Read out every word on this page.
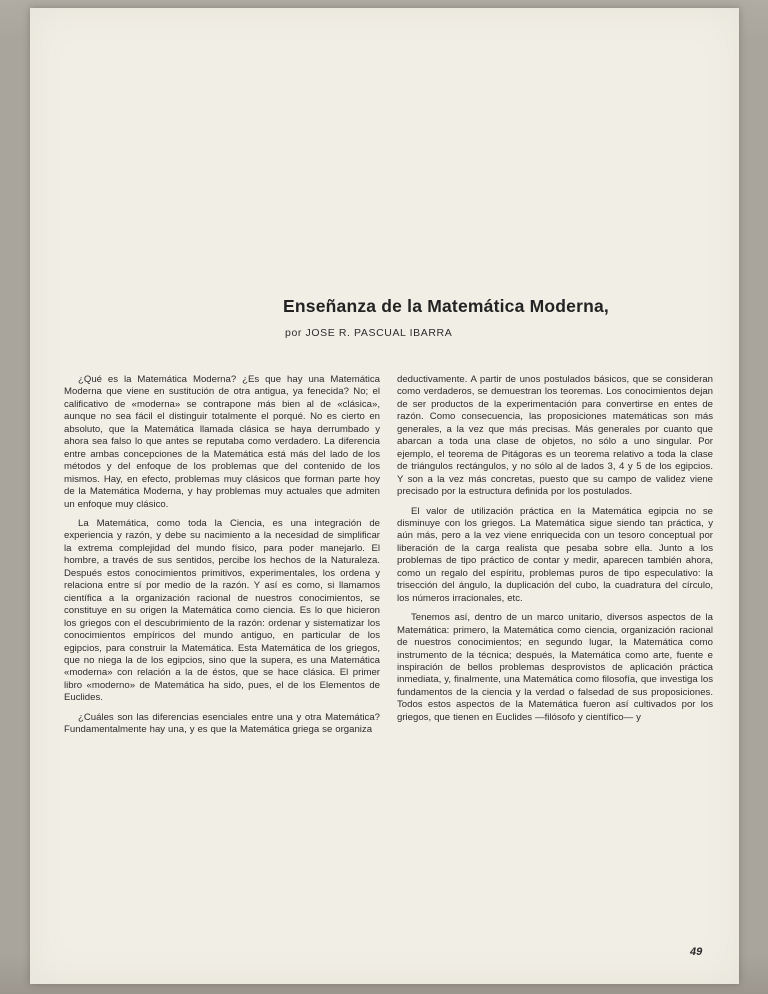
Enseñanza de la Matemática Moderna,
por JOSE R. PASCUAL IBARRA

¿Qué es la Matemática Moderna? ¿Es que hay una Matemática Moderna que viene en sustitución de otra antigua, ya fenecida? No; el calificativo de «moderna» se contrapone más bien al de «clásica», aunque no sea fácil el distinguir totalmente el porqué. No es cierto en absoluto, que la Matemática llamada clásica se haya derrumbado y ahora sea falso lo que antes se reputaba como verdadero. La diferencia entre ambas concepciones de la Matemática está más del lado de los métodos y del enfoque de los problemas que del contenido de los mismos. Hay, en efecto, problemas muy clásicos que forman parte hoy de la Matemática Moderna, y hay problemas muy actuales que admiten un enfoque muy clásico.

La Matemática, como toda la Ciencia, es una integración de experiencia y razón, y debe su nacimiento a la necesidad de simplificar la extrema complejidad del mundo físico, para poder manejarlo. El hombre, a través de sus sentidos, percibe los hechos de la Naturaleza. Después estos conocimientos primitivos, experimentales, los ordena y relaciona entre sí por medio de la razón. Y así es como, si llamamos científica a la organización racional de nuestros conocimientos, se constituye en su origen la Matemática como ciencia. Es lo que hicieron los griegos con el descubrimiento de la razón: ordenar y sistematizar los conocimientos empíricos del mundo antiguo, en particular de los egipcios, para construir la Matemática. Esta Matemática de los griegos, que no niega la de los egipcios, sino que la supera, es una Matemática «moderna» con relación a la de éstos, que se hace clásica. El primer libro «moderno» de Matemática ha sido, pues, el de los Elementos de Euclides.

¿Cuáles son las diferencias esenciales entre una y otra Matemática? Fundamentalmente hay una, y es que la Matemática griega se organiza

deductivamente. A partir de unos postulados básicos, que se consideran como verdaderos, se demuestran los teoremas. Los conocimientos dejan de ser productos de la experimentación para convertirse en entes de razón. Como consecuencia, las proposiciones matemáticas son más generales, a la vez que más precisas. Más generales por cuanto que abarcan a toda una clase de objetos, no sólo a uno singular. Por ejemplo, el teorema de Pitágoras es un teorema relativo a toda la clase de triángulos rectángulos, y no sólo al de lados 3, 4 y 5 de los egipcios. Y son a la vez más concretas, puesto que su campo de validez viene precisado por la estructura definida por los postulados.

El valor de utilización práctica en la Matemática egipcia no se disminuye con los griegos. La Matemática sigue siendo tan práctica, y aún más, pero a la vez viene enriquecida con un tesoro conceptual por liberación de la carga realista que pesaba sobre ella. Junto a los problemas de tipo práctico de contar y medir, aparecen también ahora, como un regalo del espíritu, problemas puros de tipo especulativo: la trisección del ángulo, la duplicación del cubo, la cuadratura del círculo, los números irracionales, etc.

Tenemos así, dentro de un marco unitario, diversos aspectos de la Matemática: primero, la Matemática como ciencia, organización racional de nuestros conocimientos; en segundo lugar, la Matemática como instrumento de la técnica; después, la Matemática como arte, fuente e inspiración de bellos problemas desprovistos de aplicación práctica inmediata, y, finalmente, una Matemática como filosofía, que investiga los fundamentos de la ciencia y la verdad o falsedad de sus proposiciones. Todos estos aspectos de la Matemática fueron así cultivados por los griegos, que tienen en Euclides —filósofo y científico— y

49
